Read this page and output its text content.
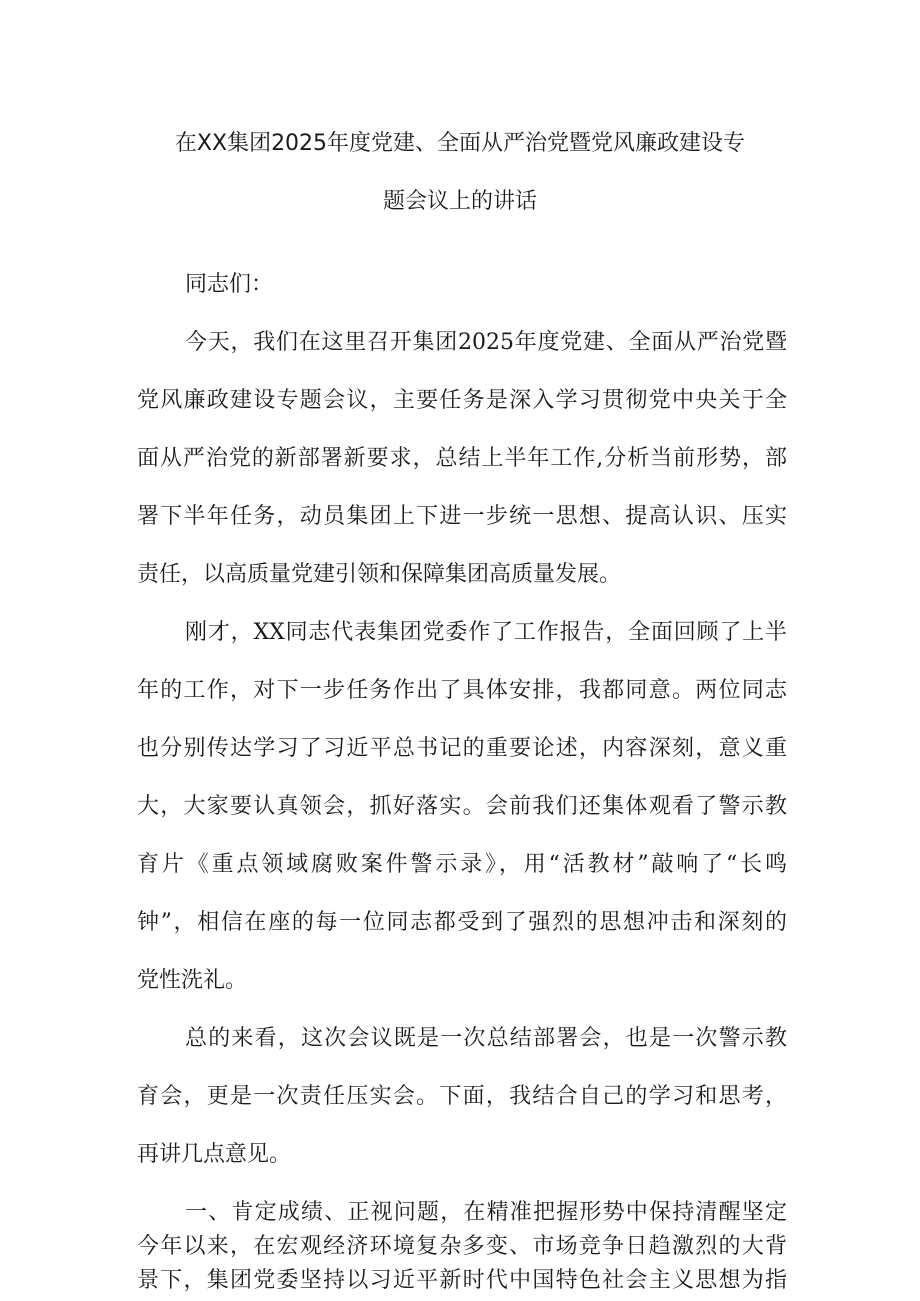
在XX集团2025年度党建、全面从严治党暨党风廉政建设专
题会议上的讲话
同志们：
今天，我们在这里召开集团2025年度党建、全面从严治党暨
党风廉政建设专题会议，主要任务是深入学习贯彻党中央关于全
面从严治党的新部署新要求，总结上半年工作,分析当前形势，部
署下半年任务，动员集团上下进一步统一思想、提高认识、压实
责任，以高质量党建引领和保障集团高质量发展。
刚才，XX同志代表集团党委作了工作报告，全面回顾了上半
年的工作，对下一步任务作出了具体安排，我都同意。两位同志
也分别传达学习了习近平总书记的重要论述，内容深刻，意义重
大，大家要认真领会，抓好落实。会前我们还集体观看了警示教
育片《重点领域腐败案件警示录》，用“活教材”敲响了“长鸣
钟”，相信在座的每一位同志都受到了强烈的思想冲击和深刻的
党性洗礼。
总的来看，这次会议既是一次总结部署会，也是一次警示教
育会，更是一次责任压实会。下面，我结合自己的学习和思考，
再讲几点意见。
一、肯定成绩、正视问题，在精准把握形势中保持清醒坚定
今年以来，在宏观经济环境复杂多变、市场竞争日趋激烈的大背
景下，集团党委坚持以习近平新时代中国特色社会主义思想为指
